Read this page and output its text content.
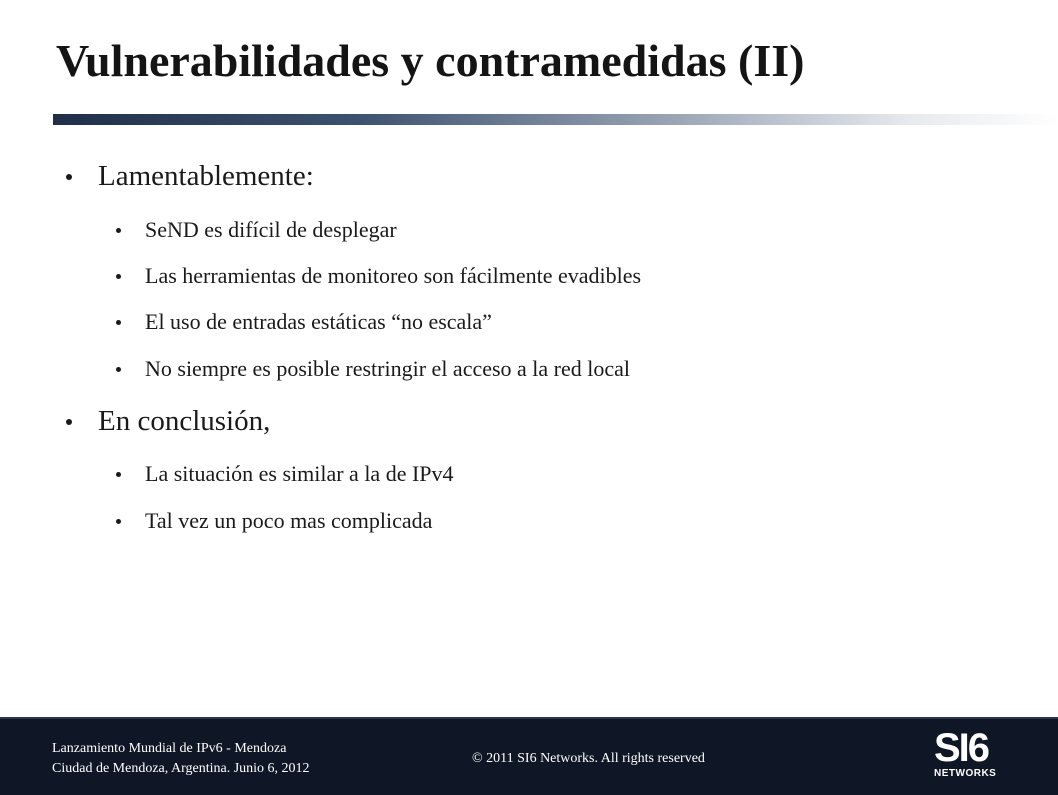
Vulnerabilidades y contramedidas (II)
Lamentablemente:
SeND es difícil de desplegar
Las herramientas de monitoreo son fácilmente evadibles
El uso de entradas estáticas “no escala”
No siempre es posible restringir el acceso a la red local
En conclusión,
La situación es similar a la de IPv4
Tal vez un poco mas complicada
Lanzamiento Mundial de IPv6 - Mendoza
Ciudad de Mendoza, Argentina. Junio 6, 2012
© 2011 SI6 Networks. All rights reserved	SI6
NETWORKS
